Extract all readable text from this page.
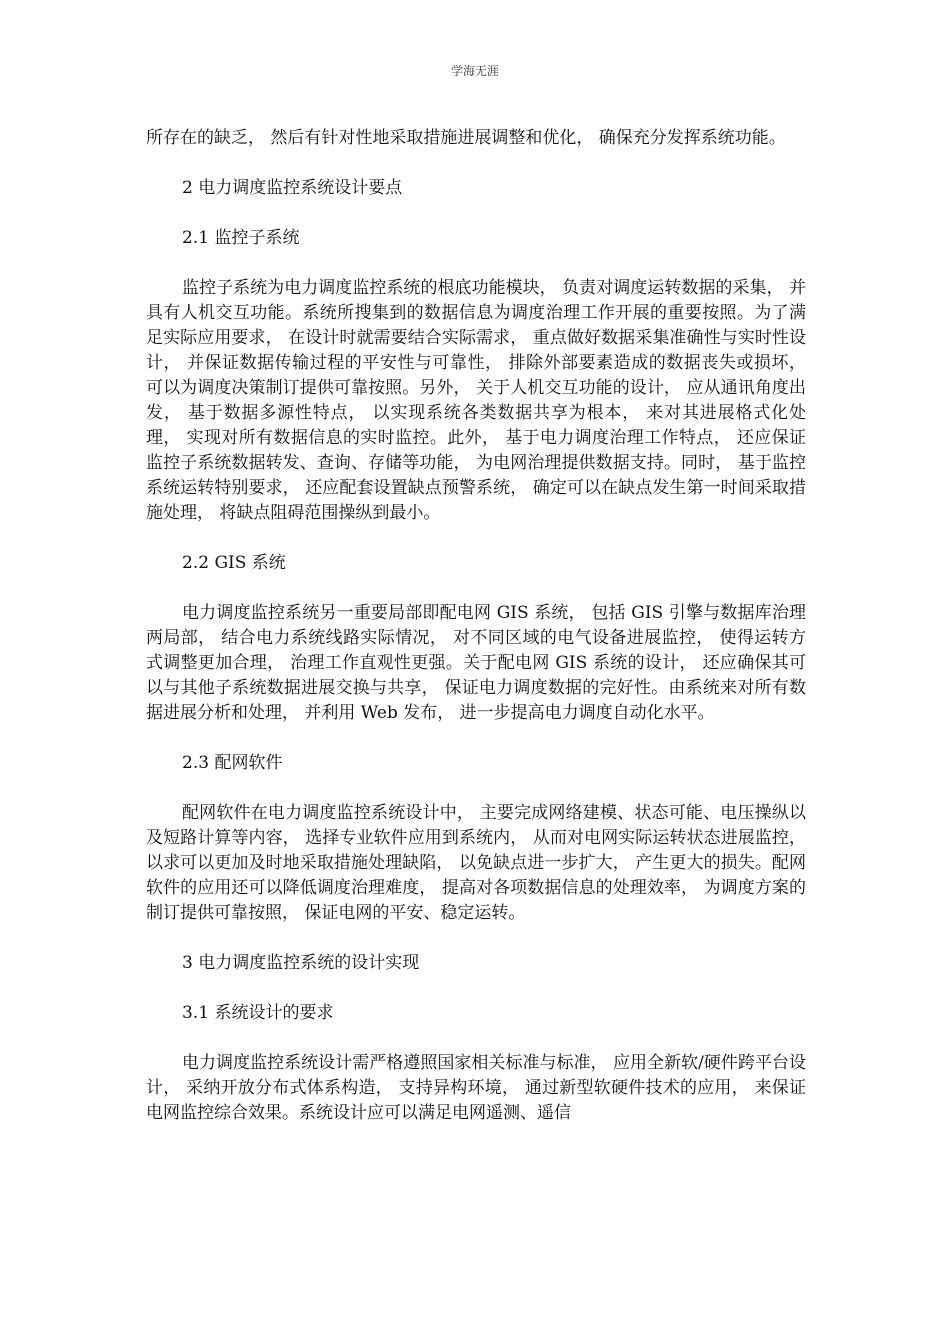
学海无涯

所存在的缺乏， 然后有针对性地采取措施进展调整和优化， 确保充分发挥系统功能。

2 电力调度监控系统设计要点
2.1 监控子系统

监控子系统为电力调度监控系统的根底功能模块， 负责对调度运转数据的采集， 并具有人机交互功能。系统所搜集到的数据信息为调度治理工作开展的重要按照。为了满足实际应用要求， 在设计时就需要结合实际需求， 重点做好数据采集准确性与实时性设计， 并保证数据传输过程的平安性与可靠性， 排除外部要素造成的数据丧失或损坏， 可以为调度决策制订提供可靠按照。另外， 关于人机交互功能的设计， 应从通讯角度出发， 基于数据多源性特点， 以实现系统各类数据共享为根本， 来对其进展格式化处理， 实现对所有数据信息的实时监控。此外， 基于电力调度治理工作特点， 还应保证监控子系统数据转发、查询、存储等功能， 为电网治理提供数据支持。同时， 基于监控系统运转特别要求， 还应配套设置缺点预警系统， 确定可以在缺点发生第一时间采取措施处理， 将缺点阻碍范围操纵到最小。

2.2 GIS 系统

电力调度监控系统另一重要局部即配电网 GIS 系统， 包括 GIS 引擎与数据库治理两局部， 结合电力系统线路实际情况， 对不同区域的电气设备进展监控， 使得运转方式调整更加合理， 治理工作直观性更强。关于配电网 GIS 系统的设计， 还应确保其可以与其他子系统数据进展交换与共享， 保证电力调度数据的完好性。由系统来对所有数据进展分析和处理， 并利用 Web 发布， 进一步提高电力调度自动化水平。

2.3 配网软件

配网软件在电力调度监控系统设计中， 主要完成网络建模、状态可能、电压操纵以及短路计算等内容， 选择专业软件应用到系统内， 从而对电网实际运转状态进展监控， 以求可以更加及时地采取措施处理缺陷， 以免缺点进一步扩大， 产生更大的损失。配网软件的应用还可以降低调度治理难度， 提高对各项数据信息的处理效率， 为调度方案的制订提供可靠按照， 保证电网的平安、稳定运转。

3 电力调度监控系统的设计实现
3.1 系统设计的要求

电力调度监控系统设计需严格遵照国家相关标准与标准， 应用全新软/硬件跨平台设计， 采纳开放分布式体系构造， 支持异构环境， 通过新型软硬件技术的应用， 来保证电网监控综合效果。系统设计应可以满足电网遥测、遥信
